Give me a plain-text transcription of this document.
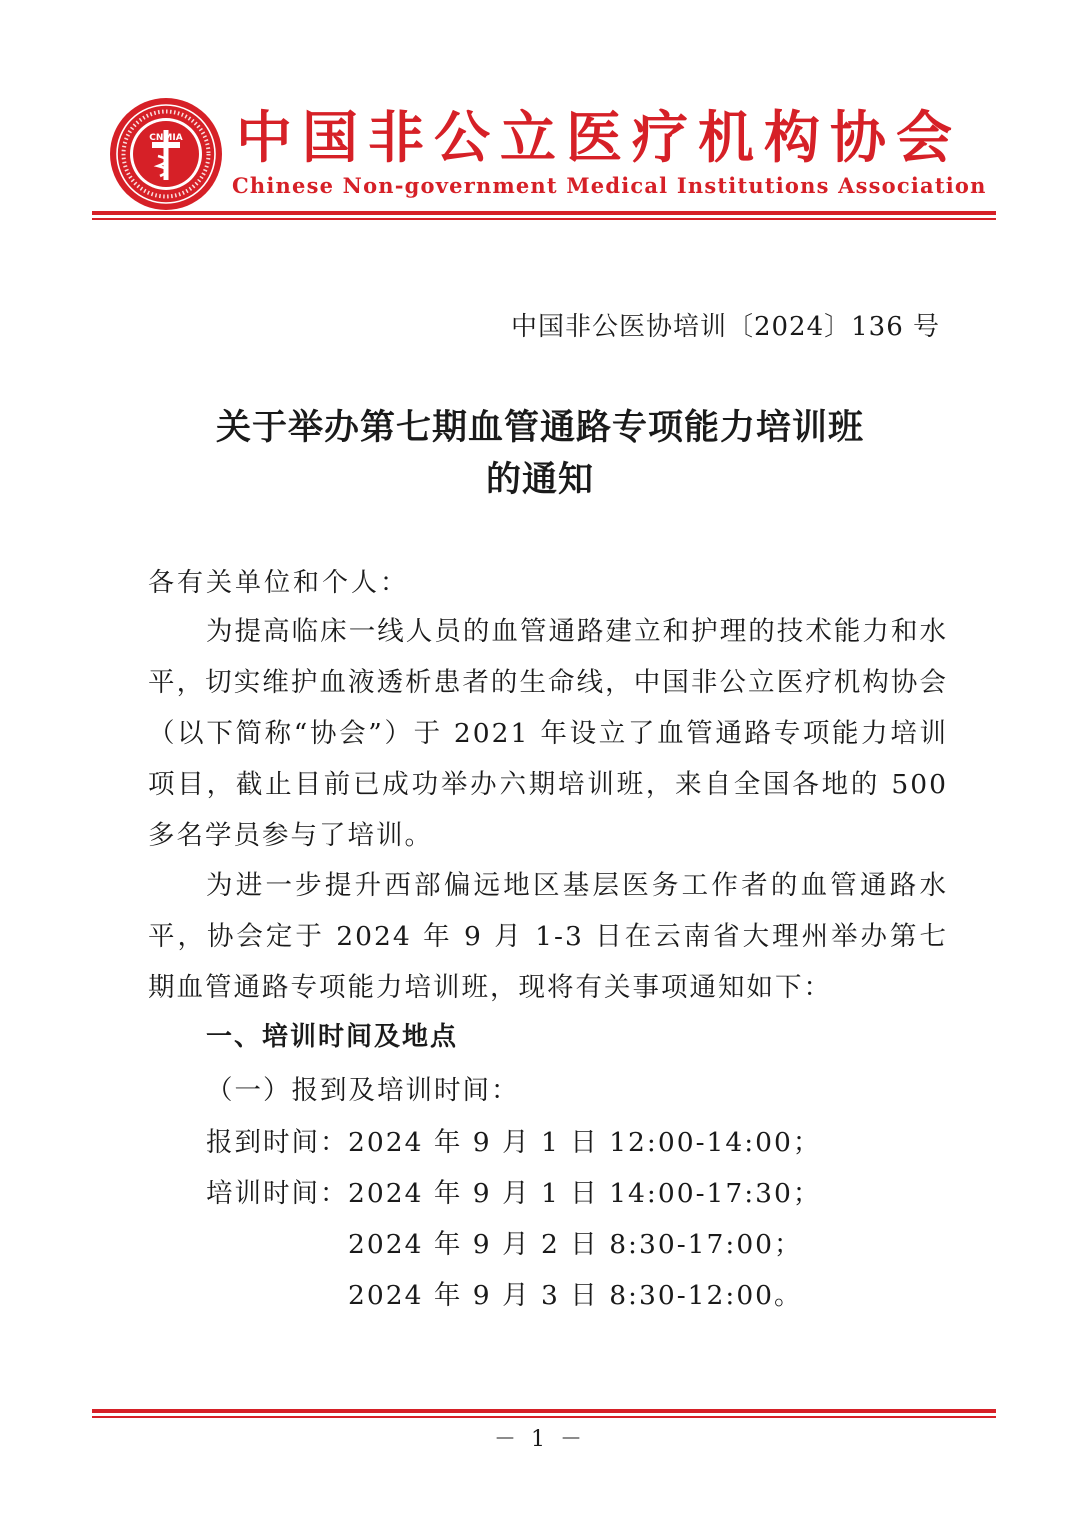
CNMIA 中国非公立医疗机构协会
Chinese Non-government Medical Institutions Association
中国非公医协培训〔2024〕136 号
关于举办第七期血管通路专项能力培训班
的通知
各有关单位和个人：
为提高临床一线人员的血管通路建立和护理的技术能力和水平，切实维护血液透析患者的生命线，中国非公立医疗机构协会（以下简称“协会”）于 2021 年设立了血管通路专项能力培训项目，截止目前已成功举办六期培训班，来自全国各地的 500 多名学员参与了培训。
为进一步提升西部偏远地区基层医务工作者的血管通路水平，协会定于 2024 年 9 月 1-3 日在云南省大理州举办第七期血管通路专项能力培训班，现将有关事项通知如下：
一、培训时间及地点
（一）报到及培训时间：
报到时间： 2024 年 9 月 1 日 12:00-14:00；
培训时间： 2024 年 9 月 1 日 14:00-17:30；
2024 年 9 月 2 日 8:30-17:00；
2024 年 9 月 3 日 8:30-12:00。
－ 1 －
